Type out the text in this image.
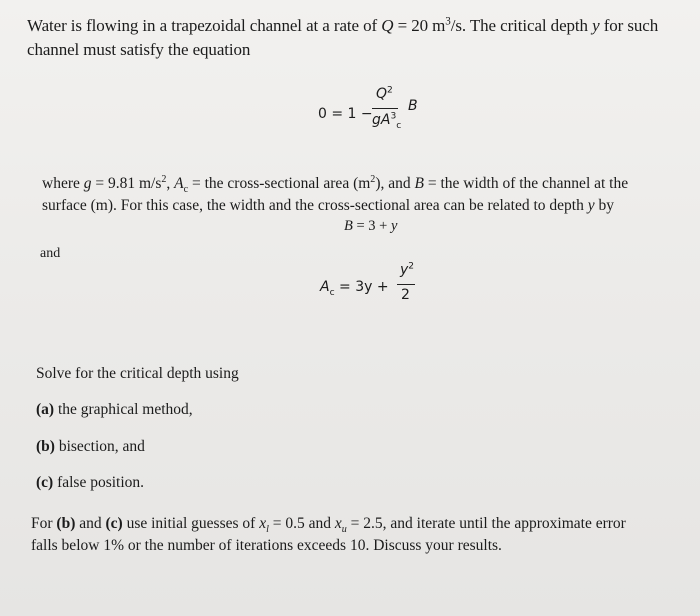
Water is flowing in a trapezoidal channel at a rate of Q = 20 $m^3/s$. The critical depth y for such
channel must satisfy the equation
0 = 1 −
$Q^2$
$gA^3_c$
B
where g = 9.81 $m/s^2$, $A_c$ = the cross-sectional area $(m^2)$, and B = the width of the channel at the
surface (m). For this case, the width and the cross-sectional area can be related to depth y by
B = 3 + y
and
$A_c = 3y$ +
$y^2$
2
Solve for the critical depth using
(a) the graphical method,
(b) bisection, and
(c) false position.
For (b) and (c) use initial guesses of $x_l = 0.5$ and $x_u = 2.5$, and iterate until the approximate error
falls below 1% or the number of iterations exceeds 10. Discuss your results.
